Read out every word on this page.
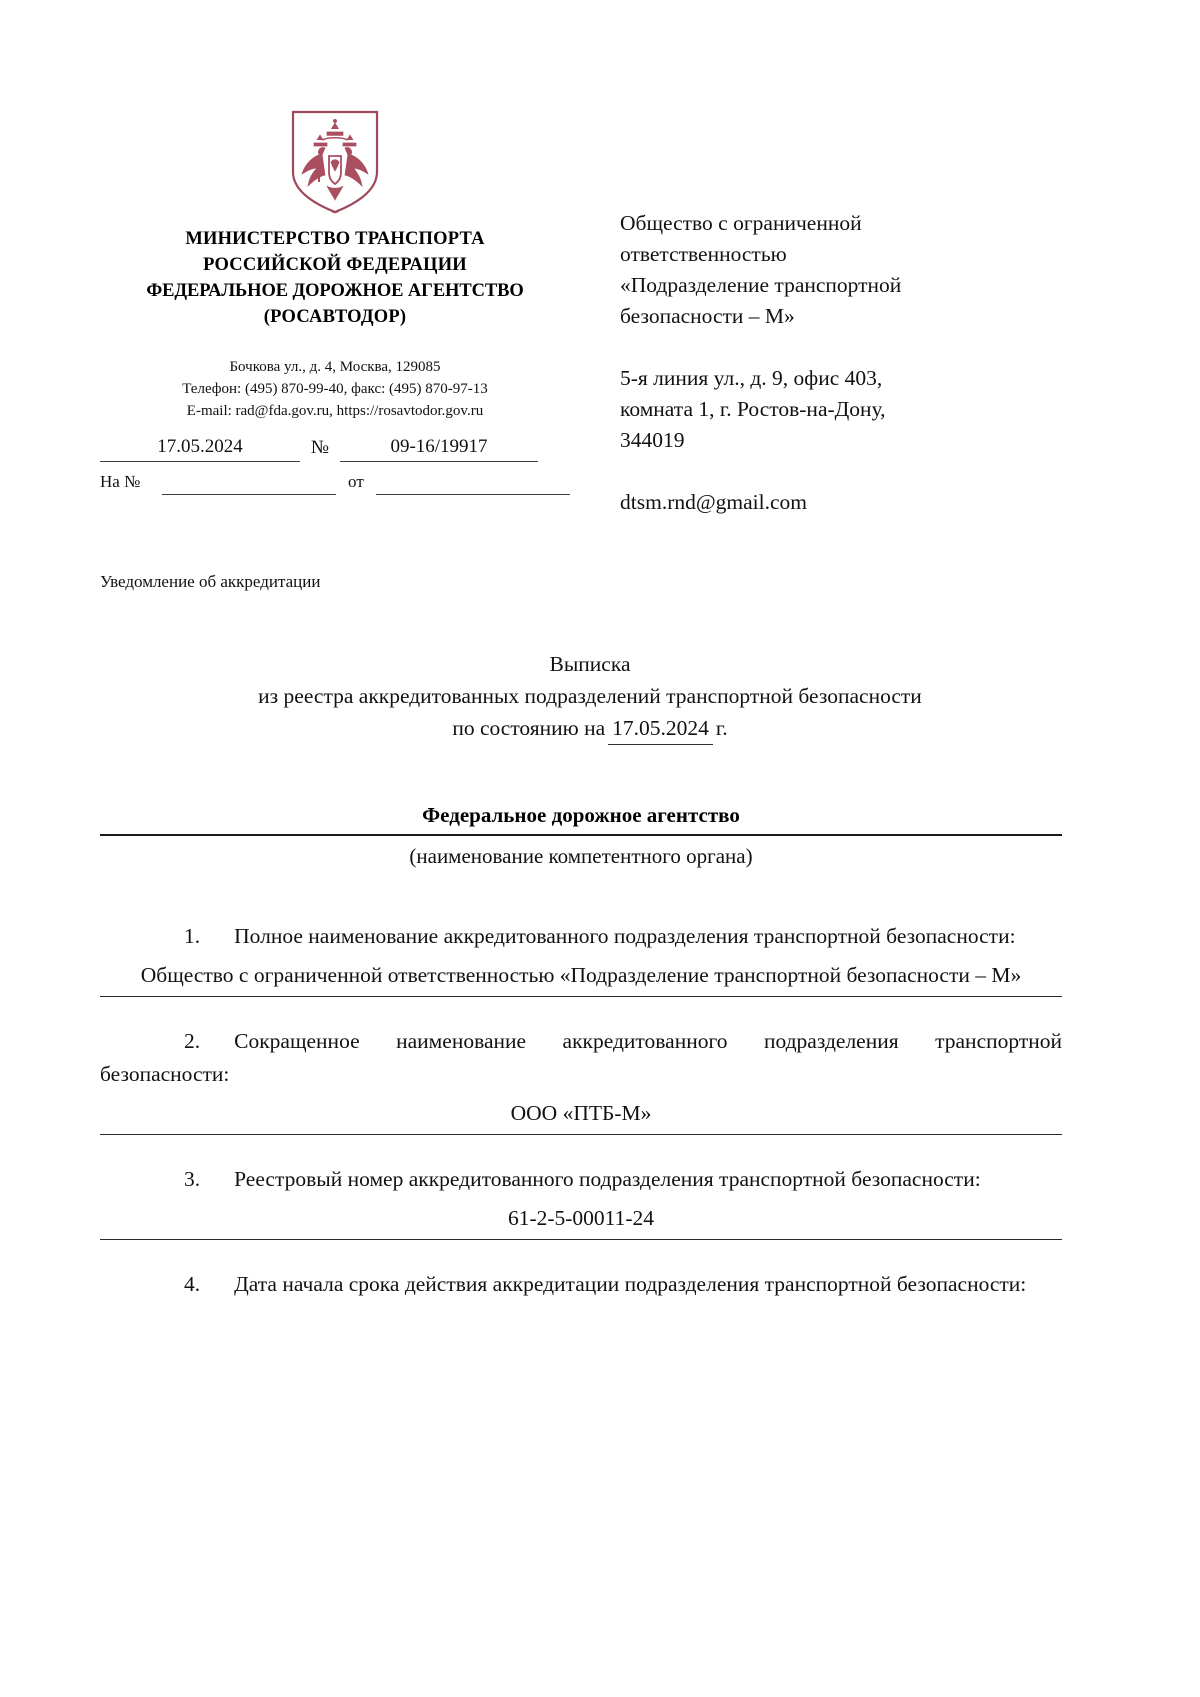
МИНИСТЕРСТВО ТРАНСПОРТА
РОССИЙСКОЙ ФЕДЕРАЦИИ
ФЕДЕРАЛЬНОЕ ДОРОЖНОЕ АГЕНТСТВО
(РОСАВТОДОР)
Бочкова ул., д. 4, Москва, 129085
Телефон: (495) 870-99-40, факс: (495) 870-97-13
E-mail: rad@fda.gov.ru, https://rosavtodor.gov.ru
17.05.2024	№	09-16/19917
На №	от
Уведомление об аккредитации

Общество с ограниченной

ответственностью

«Подразделение транспортной

безопасности – М»

5-я линия ул., д. 9, офис 403,

комната 1, г. Ростов-на-Дону,

344019

dtsm.rnd@gmail.com

Выписка
из реестра аккредитованных подразделений транспортной безопасности
по состоянию на 17.05.2024 г.
Федеральное дорожное агентство
(наименование компетентного органа)

1. Полное наименование аккредитованного подразделения транспортной безопасности:

Общество с ограниченной ответственностью «Подразделение транспортной безопасности – М»

2. Сокращенное наименование аккредитованного подразделения транспортной безопасности:

ООО «ПТБ-М»

3. Реестровый номер аккредитованного подразделения транспортной безопасности:

61-2-5-00011-24

4. Дата начала срока действия аккредитации подразделения транспортной безопасности:
